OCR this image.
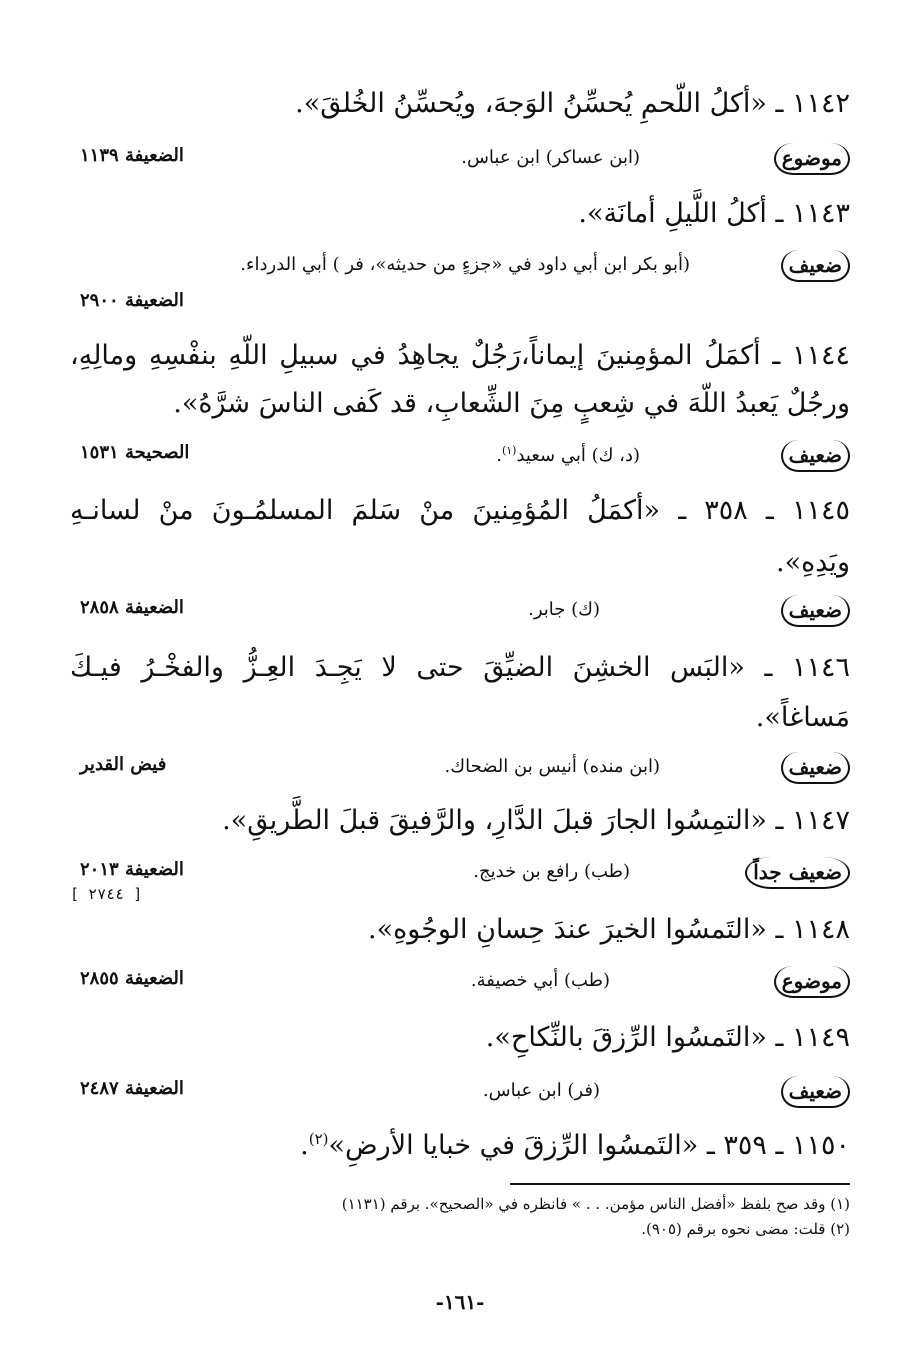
١١٤٢ ـ «أكلُ اللّحمِ يُحسِّنُ الوَجهَ، ويُحسِّنُ الخُلقَ».
موضوع
(ابن عساكر) ابن عباس.
الضعيفة ١١٣٩
١١٤٣ ـ أكلُ اللَّيلِ أمانَة».
ضعيف
(أبو بكر ابن أبي داود في «جزءٍ من حديثه»، فر ) أبي الدرداء.
الضعيفة ٢٩٠٠
١١٤٤ ـ أكمَلُ المؤمِنينَ إيماناً،رَجُلٌ يجاهِدُ في سبيلِ اللّهِ بنفْسِهِ ومالِهِ،
ورجُلٌ يَعبدُ اللّهَ في شِعبٍ مِنَ الشِّعابِ، قد كَفى الناسَ شرَّهُ».
ضعيف
(د، ك) أبي سعيد$^{(١)}$.
الصحيحة ١٥٣١
١١٤٥ ـ ٣٥٨ ـ «أكمَلُ المُؤمِنينَ منْ سَلمَ المسلمُـونَ منْ لسانـهِ
ويَدِهِ».
ضعيف
(ك) جابر.
الضعيفة ٢٨٥٨
١١٤٦ ـ «البَس الخشِنَ الضيِّقَ حتى لا يَجِـدَ العِـزُّ والفخْـرُ فيـكَ
مَساغاً».
ضعيف
(ابن منده) أنيس بن الضحاك.
فيض القدير
١١٤٧ ـ «التمِسُوا الجارَ قبلَ الدَّارِ، والرَّفيقَ قبلَ الطَّريقِ».
ضعيف جداً
(طب) رافع بن خديج.
الضعيفة ٢٠١٣
[ ٢٧٤٤ ]
١١٤٨ ـ «التَمسُوا الخيرَ عندَ حِسانِ الوجُوهِ».
موضوع
(طب) أبي خصيفة.
الضعيفة ٢٨٥٥
١١٤٩ ـ «التَمسُوا الرِّزقَ بالنِّكاحِ».
ضعيف
(فر) ابن عباس.
الضعيفة ٢٤٨٧
١١٥٠ ـ ٣٥٩ ـ «التَمسُوا الرِّزقَ في خبايا الأرضِ»$^{(٢)}$.
(١) وقد صح بلفظ «أفضل الناس مؤمن. . . » فانظره في «الصحيح». برقم (١١٣١)
(٢) قلت: مضى نحوه برقم (٩٠٥).
-١٦١-
